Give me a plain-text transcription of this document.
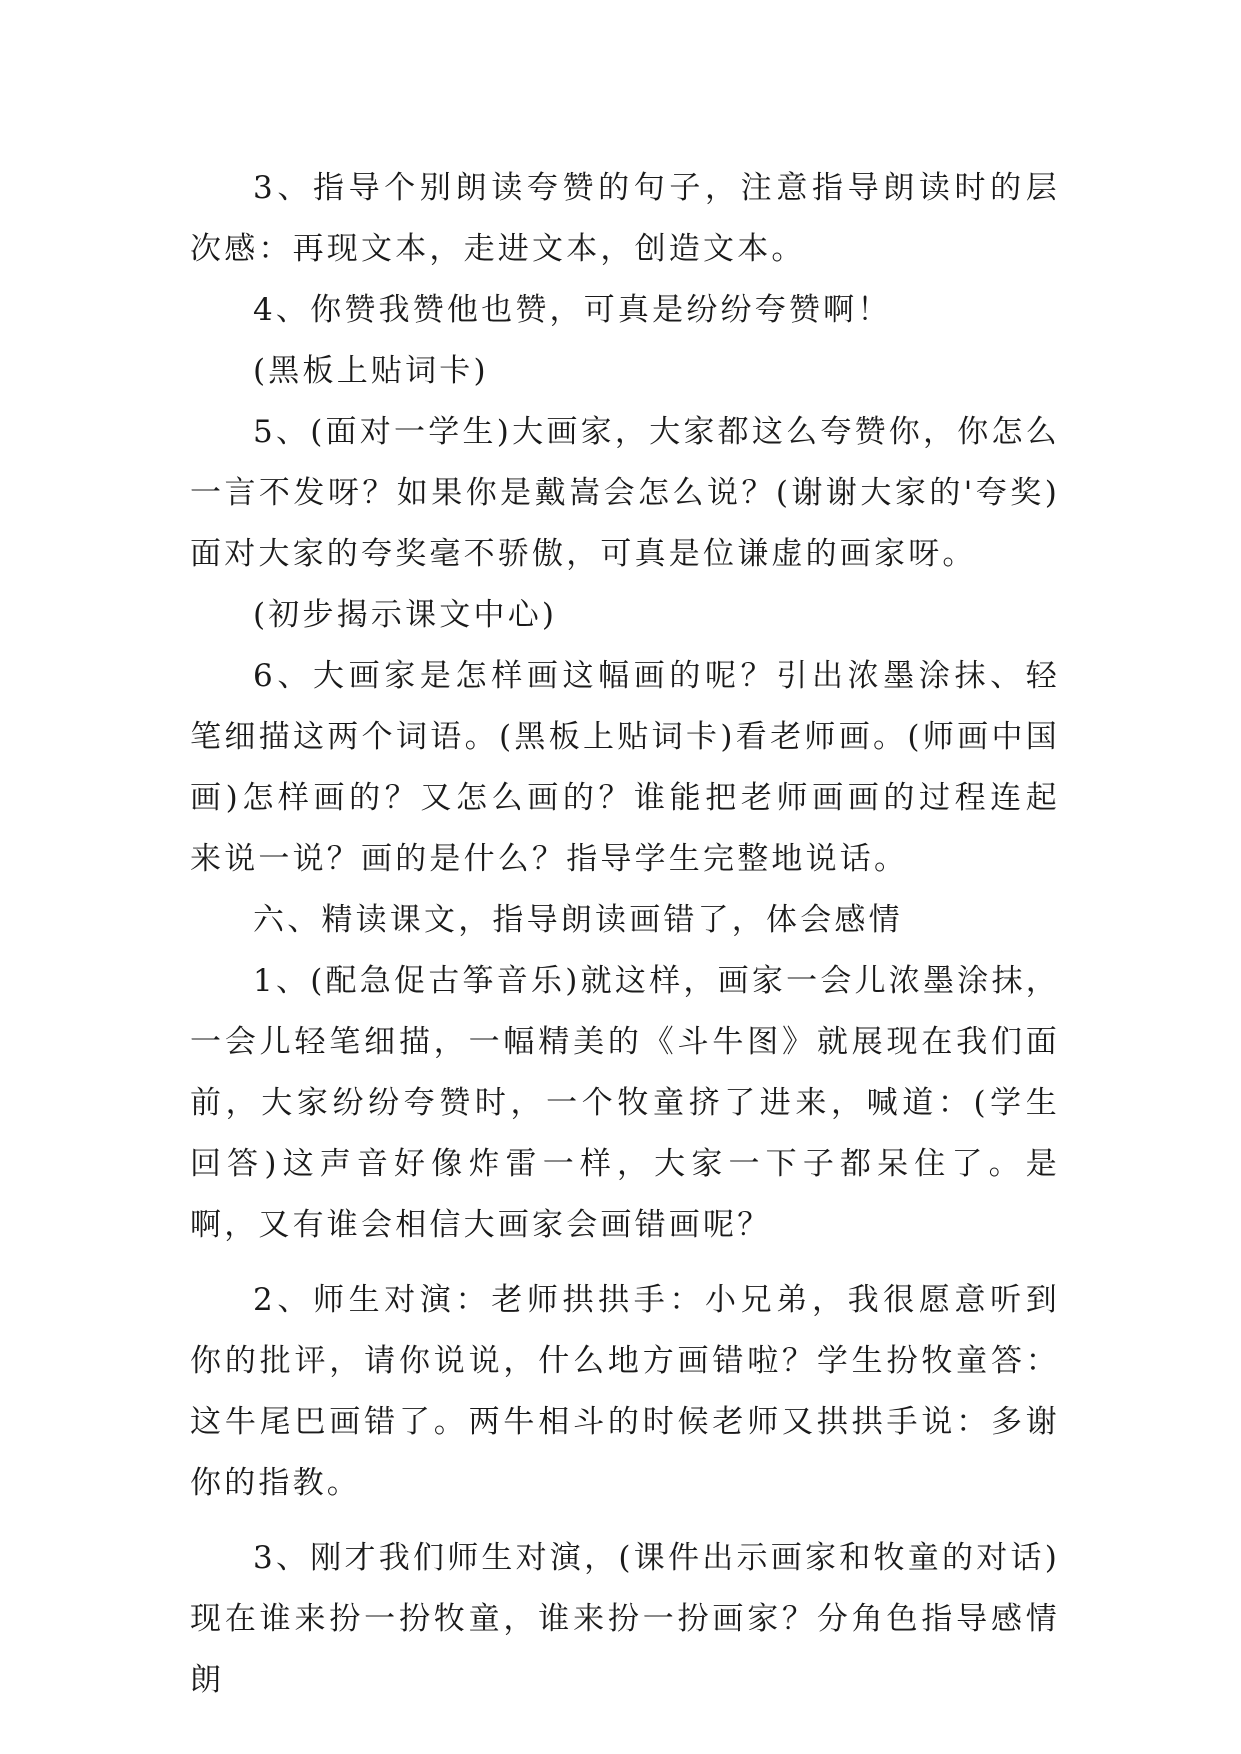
3、指导个别朗读夸赞的句子，注意指导朗读时的层次感：再现文本，走进文本，创造文本。

4、你赞我赞他也赞，可真是纷纷夸赞啊！

(黑板上贴词卡)

5、(面对一学生)大画家，大家都这么夸赞你，你怎么一言不发呀？如果你是戴嵩会怎么说？(谢谢大家的'夸奖)面对大家的夸奖毫不骄傲，可真是位谦虚的画家呀。

(初步揭示课文中心)

6、大画家是怎样画这幅画的呢？引出浓墨涂抹、轻笔细描这两个词语。(黑板上贴词卡)看老师画。(师画中国画)怎样画的？又怎么画的？谁能把老师画画的过程连起来说一说？画的是什么？指导学生完整地说话。

六、精读课文，指导朗读画错了，体会感情

1、(配急促古筝音乐)就这样，画家一会儿浓墨涂抹，一会儿轻笔细描，一幅精美的《斗牛图》就展现在我们面前，大家纷纷夸赞时，一个牧童挤了进来，喊道：(学生回答)这声音好像炸雷一样，大家一下子都呆住了。是啊，又有谁会相信大画家会画错画呢？

2、师生对演：老师拱拱手：小兄弟，我很愿意听到你的批评，请你说说，什么地方画错啦？学生扮牧童答：这牛尾巴画错了。两牛相斗的时候老师又拱拱手说：多谢你的指教。

3、刚才我们师生对演，(课件出示画家和牧童的对话)现在谁来扮一扮牧童，谁来扮一扮画家？分角色指导感情朗
